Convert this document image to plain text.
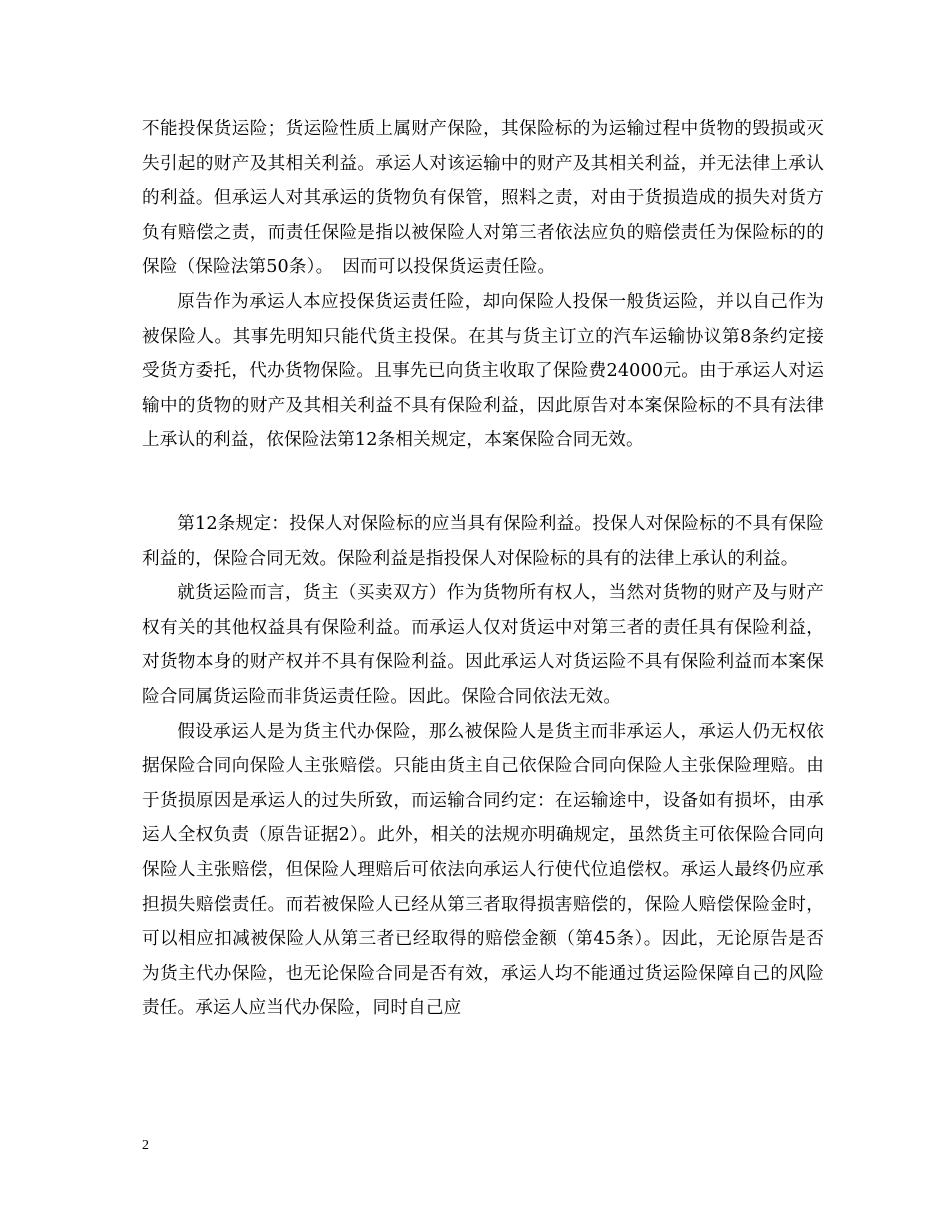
不能投保货运险；货运险性质上属财产保险，其保险标的为运输过程中货物的毁损或灭失引起的财产及其相关利益。承运人对该运输中的财产及其相关利益，并无法律上承认的利益。但承运人对其承运的货物负有保管，照料之责，对由于货损造成的损失对货方负有赔偿之责，而责任保险是指以被保险人对第三者依法应负的赔偿责任为保险标的的保险（保险法第50条）。　因而可以投保货运责任险。

原告作为承运人本应投保货运责任险，却向保险人投保一般货运险，并以自己作为被保险人。其事先明知只能代货主投保。在其与货主订立的汽车运输协议第8条约定接受货方委托，代办货物保险。且事先已向货主收取了保险费24000元。由于承运人对运输中的货物的财产及其相关利益不具有保险利益，因此原告对本案保险标的不具有法律上承认的利益，依保险法第12条相关规定，本案保险合同无效。

第12条规定：投保人对保险标的应当具有保险利益。投保人对保险标的不具有保险利益的，保险合同无效。保险利益是指投保人对保险标的具有的法律上承认的利益。

就货运险而言，货主（买卖双方）作为货物所有权人，当然对货物的财产及与财产权有关的其他权益具有保险利益。而承运人仅对货运中对第三者的责任具有保险利益，对货物本身的财产权并不具有保险利益。因此承运人对货运险不具有保险利益而本案保险合同属货运险而非货运责任险。因此。保险合同依法无效。

假设承运人是为货主代办保险，那么被保险人是货主而非承运人，承运人仍无权依据保险合同向保险人主张赔偿。只能由货主自己依保险合同向保险人主张保险理赔。由于货损原因是承运人的过失所致，而运输合同约定：在运输途中，设备如有损坏，由承运人全权负责（原告证据2）。此外，相关的法规亦明确规定，虽然货主可依保险合同向保险人主张赔偿，但保险人理赔后可依法向承运人行使代位追偿权。承运人最终仍应承担损失赔偿责任。而若被保险人已经从第三者取得损害赔偿的，保险人赔偿保险金时，可以相应扣减被保险人从第三者已经取得的赔偿金额（第45条）。因此，无论原告是否为货主代办保险，也无论保险合同是否有效，承运人均不能通过货运险保障自己的风险责任。承运人应当代办保险，同时自己应

2
